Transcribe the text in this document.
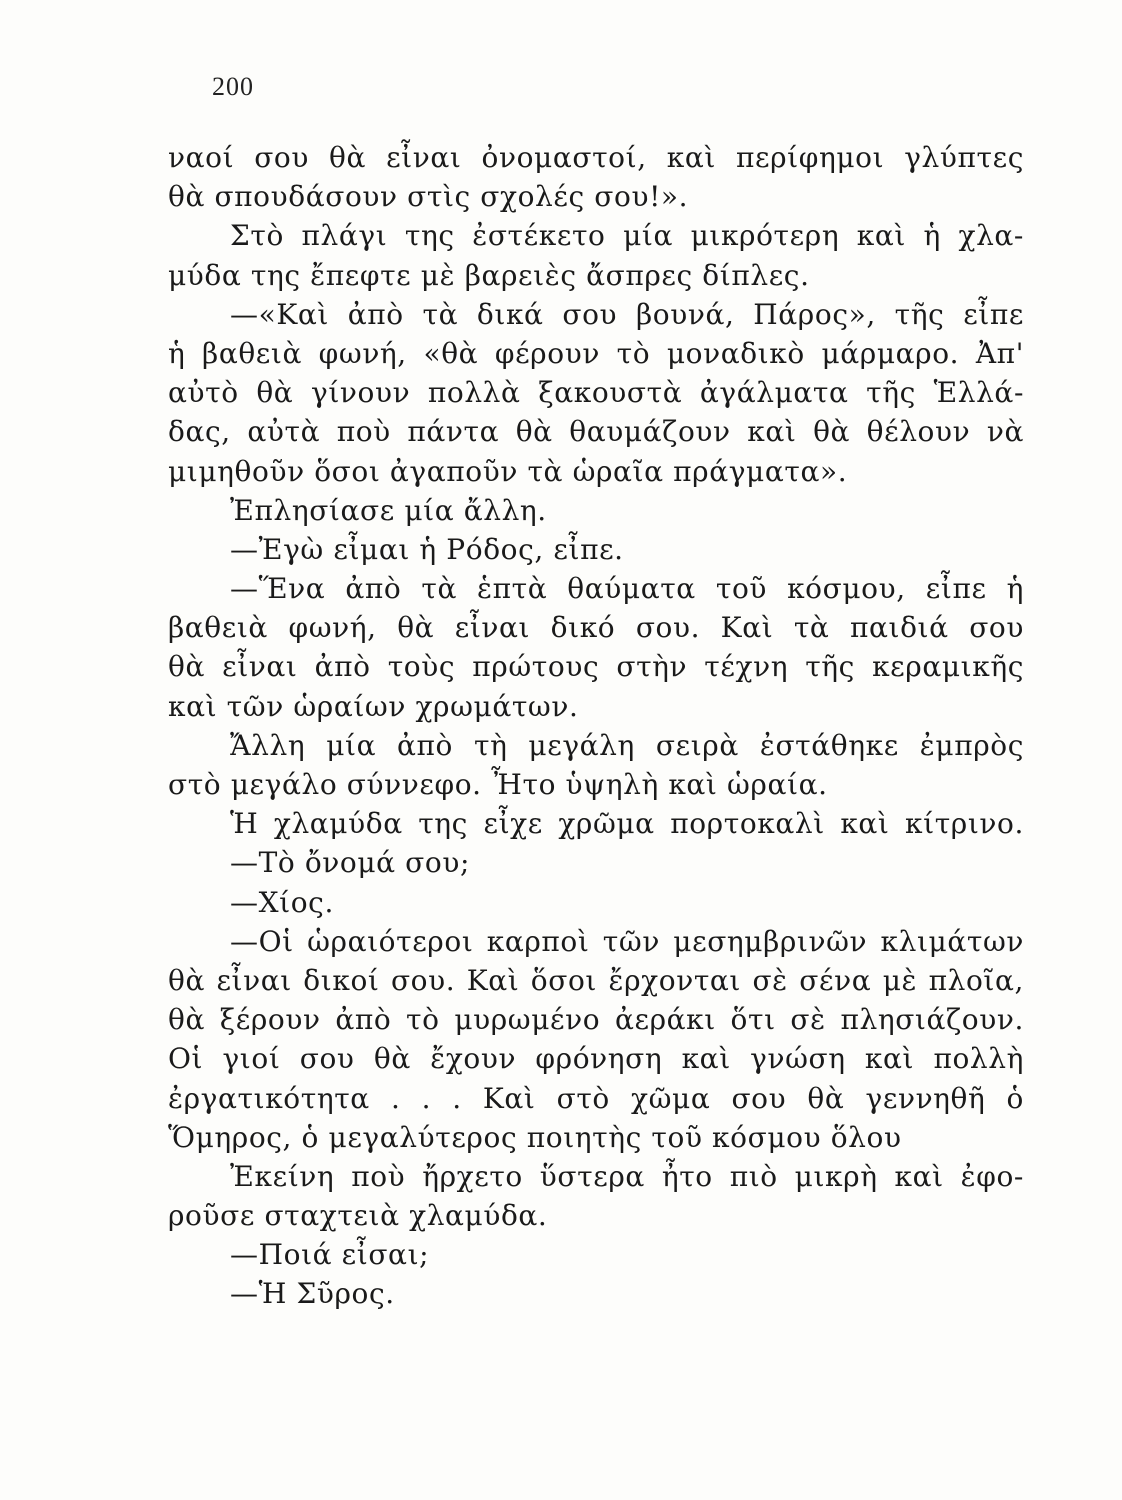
200
ναοί σου θὰ εἶναι ὀνομαστοί, καὶ περίφημοι γλύπτες
θὰ σπουδάσουν στὶς σχολές σου!».
Στὸ πλάγι της ἐστέκετο μία μικρότερη καὶ ἡ χλα-
μύδα της ἔπεφτε μὲ βαρειὲς ἄσπρες δίπλες.
—«Καὶ ἀπὸ τὰ δικά σου βουνά, Πάρος», τῆς εἶπε
ἡ βαθειὰ φωνή, «θὰ φέρουν τὸ μοναδικὸ μάρμαρο. Ἀπ'
αὐτὸ θὰ γίνουν πολλὰ ξακουστὰ ἀγάλματα τῆς Ἑλλά-
δας, αὐτὰ ποὺ πάντα θὰ θαυμάζουν καὶ θὰ θέλουν νὰ
μιμηθοῦν ὅσοι ἀγαποῦν τὰ ὡραῖα πράγματα».
Ἐπλησίασε μία ἄλλη.
—Ἐγὼ εἶμαι ἡ Ρόδος, εἶπε.
—Ἕνα ἀπὸ τὰ ἑπτὰ θαύματα τοῦ κόσμου, εἶπε ἡ
βαθειὰ φωνή, θὰ εἶναι δικό σου. Καὶ τὰ παιδιά σου
θὰ εἶναι ἀπὸ τοὺς πρώτους στὴν τέχνη τῆς κεραμικῆς
καὶ τῶν ὡραίων χρωμάτων.
Ἄλλη μία ἀπὸ τὴ μεγάλη σειρὰ ἐστάθηκε ἐμπρὸς
στὸ μεγάλο σύννεφο. Ἦτο ὑψηλὴ καὶ ὡραία.
Ἡ χλαμύδα της εἶχε χρῶμα πορτοκαλὶ καὶ κίτρινο.
—Τὸ ὄνομά σου;
—Χίος.
—Οἱ ὡραιότεροι καρποὶ τῶν μεσημβρινῶν κλιμάτων
θὰ εἶναι δικοί σου. Καὶ ὅσοι ἔρχονται σὲ σένα μὲ πλοῖα,
θὰ ξέρουν ἀπὸ τὸ μυρωμένο ἀεράκι ὅτι σὲ πλησιάζουν.
Οἱ γιοί σου θὰ ἔχουν φρόνηση καὶ γνώση καὶ πολλὴ
ἐργατικότητα . . . Καὶ στὸ χῶμα σου θὰ γεννηθῆ ὁ
Ὅμηρος, ὁ μεγαλύτερος ποιητὴς τοῦ κόσμου ὅλου
Ἐκείνη ποὺ ἤρχετο ὕστερα ἦτο πιὸ μικρὴ καὶ ἐφο-
ροῦσε σταχτειὰ χλαμύδα.
—Ποιά εἶσαι;
—Ἡ Σῦρος.
